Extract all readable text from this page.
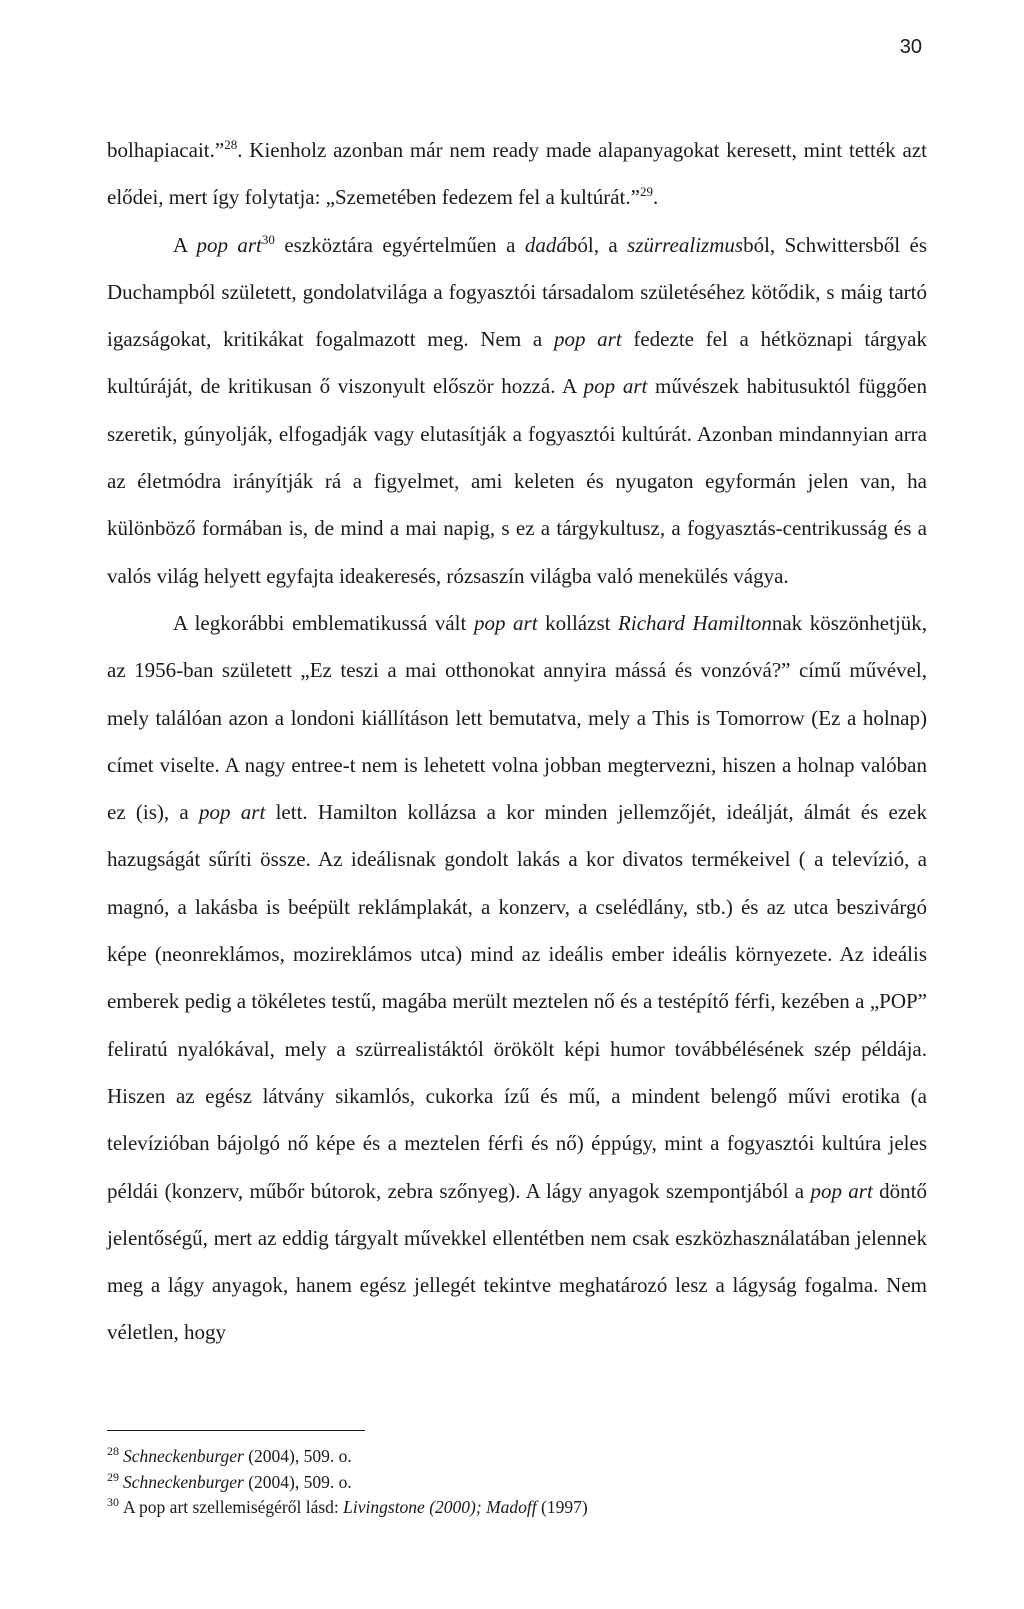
30

bolhapiacait.”$^{28}$. Kienholz azonban már nem ready made alapanyagokat keresett, mint tették azt elődei, mert így folytatja: „Szemetében fedezem fel a kultúrát.”$^{29}$.

A pop art$^{30}$ eszköztára egyértelműen a dadából, a szürrealizmusból, Schwittersből és Duchampból született, gondolatvilága a fogyasztói társadalom születéséhez kötődik, s máig tartó igazságokat, kritikákat fogalmazott meg. Nem a pop art fedezte fel a hétköznapi tárgyak kultúráját, de kritikusan ő viszonyult először hozzá. A pop art művészek habitusuktól függően szeretik, gúnyolják, elfogadják vagy elutasítják a fogyasztói kultúrát. Azonban mindannyian arra az életmódra irányítják rá a figyelmet, ami keleten és nyugaton egyformán jelen van, ha különböző formában is, de mind a mai napig, s ez a tárgykultusz, a fogyasztás-centrikusság és a valós világ helyett egyfajta ideakeresés, rózsaszín világba való menekülés vágya.

A legkorábbi emblematikussá vált pop art kollázst Richard Hamiltonnak köszönhetjük, az 1956-ban született „Ez teszi a mai otthonokat annyira mássá és vonzóvá?” című művével, mely találóan azon a londoni kiállításon lett bemutatva, mely a This is Tomorrow (Ez a holnap) címet viselte. A nagy entree-t nem is lehetett volna jobban megtervezni, hiszen a holnap valóban ez (is), a pop art lett. Hamilton kollázsa a kor minden jellemzőjét, ideálját, álmát és ezek hazugságát sűríti össze. Az ideálisnak gondolt lakás a kor divatos termékeivel ( a televízió, a magnó, a lakásba is beépült reklámplakát, a konzerv, a cselédlány, stb.) és az utca beszivárgó képe (neonreklámos, mozireklámos utca) mind az ideális ember ideális környezete. Az ideális emberek pedig a tökéletes testű, magába merült meztelen nő és a testépítő férfi, kezében a „POP” feliratú nyalókával, mely a szürrealistáktól örökölt képi humor továbbélésének szép példája. Hiszen az egész látvány sikamlós, cukorka ízű és mű, a mindent belengő művi erotika (a televízióban bájolgó nő képe és a meztelen férfi és nő) éppúgy, mint a fogyasztói kultúra jeles példái (konzerv, műbőr bútorok, zebra szőnyeg). A lágy anyagok szempontjából a pop art döntő jelentőségű, mert az eddig tárgyalt művekkel ellentétben nem csak eszközhasználatában jelennek meg a lágy anyagok, hanem egész jellegét tekintve meghatározó lesz a lágyság fogalma. Nem véletlen, hogy

$^{28}$ Schneckenburger (2004), 509. o.
$^{29}$ Schneckenburger (2004), 509. o.
$^{30}$ A pop art szellemiségéről lásd: Livingstone (2000); Madoff (1997)
